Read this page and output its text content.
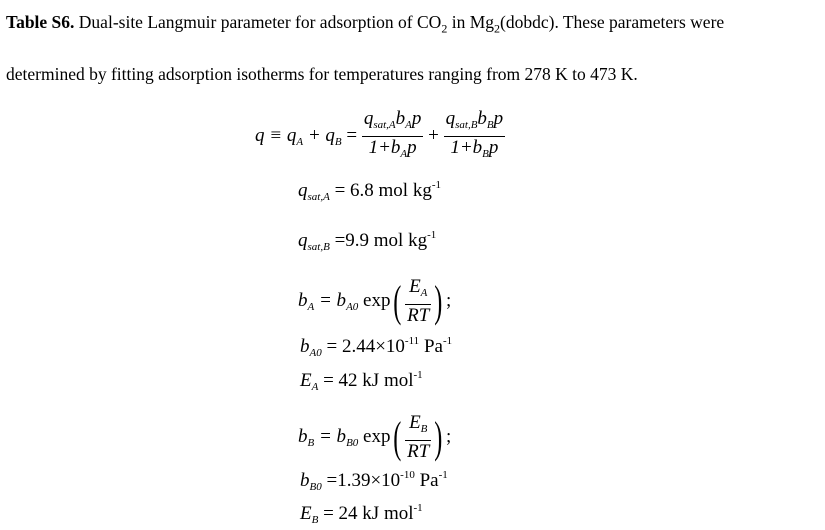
Table S6. Dual-site Langmuir parameter for adsorption of $CO_2$ in $Mg_2(dobdc)$. These parameters were
determined by fitting adsorption isotherms for temperatures ranging from 278 K to 473 K.
$q \equiv q_A + q_B = \frac{q_{sat,A}b_Ap}{1+b_Ap} + \frac{q_{sat,B}b_Bp}{1+b_Bp}$
$q_{sat,A} = 6.8$ mol $kg^{-1}$
$q_{sat,B} =9.9$ mol $kg^{-1}$
$b_A = b_{A0}$ $\exp( \frac{E_A}{RT}$ ) ;
$b_{A0} = 2.44\times 10^{-11}$ $Pa^{-1}$
$E_A = 42$ kJ mol$^{-1}$
$b_B = b_{B0}$ $\exp( \frac{E_B}{RT}$ ) ;
$b_{B0} =1.39\times 10^{-10}$ $Pa^{-1}$
$E_B = 24$ kJ mol$^{-1}$
